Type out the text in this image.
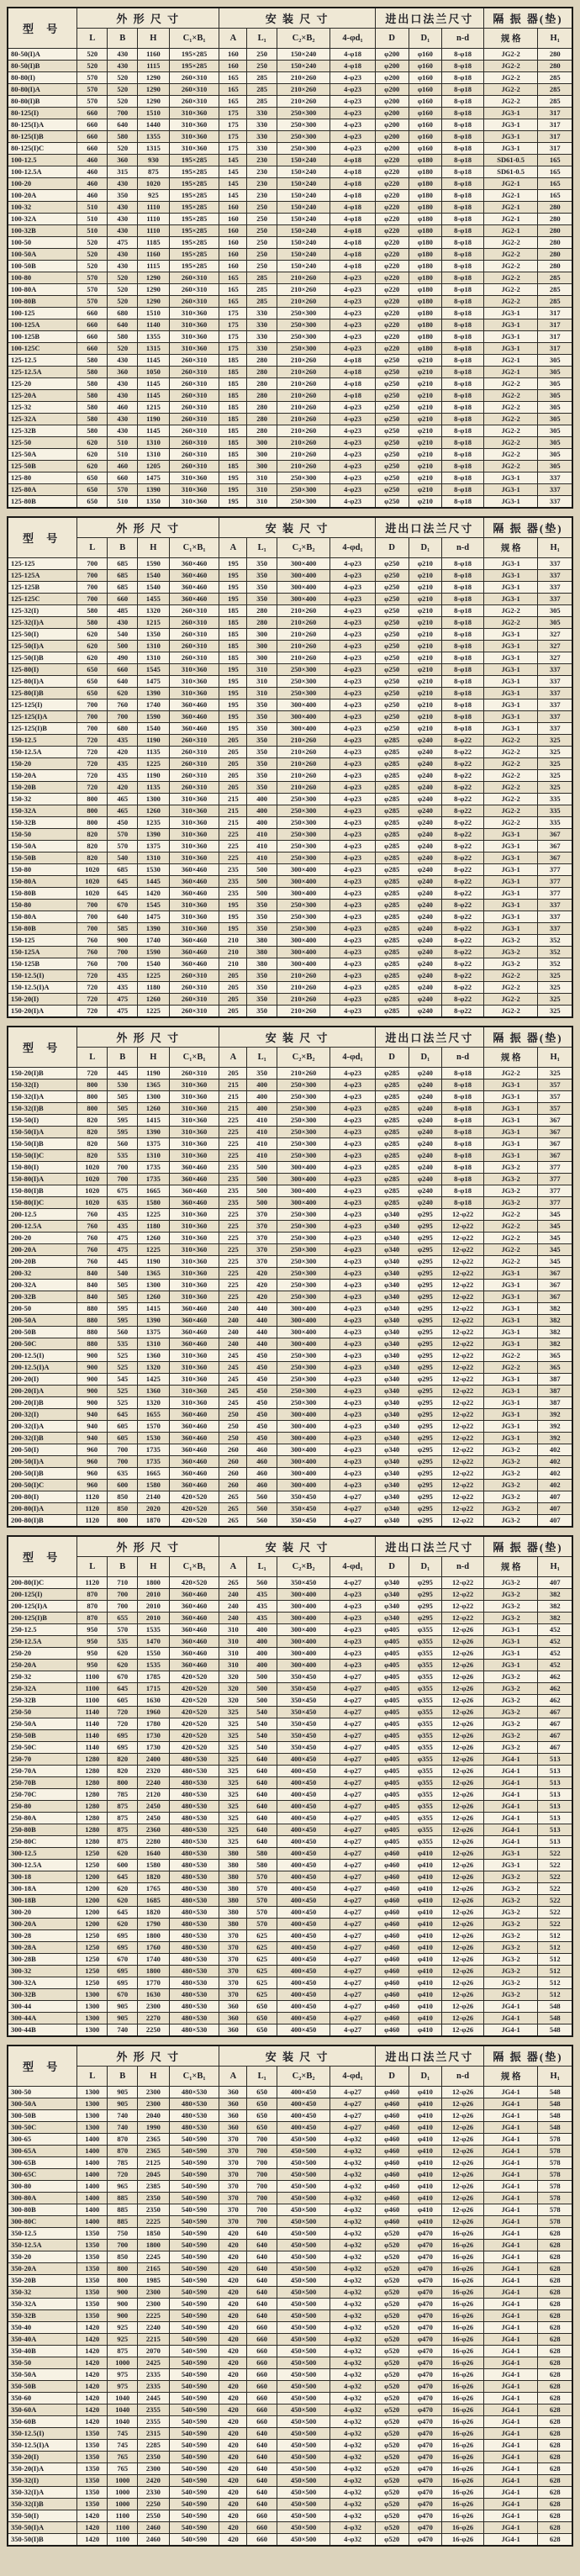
型 号	外 形 尺 寸				安 装 尺 寸				进出口法兰尺寸			隔 振 器(垫)	
	L	B	H	C₁×B₁	A	L₁	C₂×B₂	4-φd₁	D	D₁	n-d	规 格	H₁
80-50(I)A	520	430	1160	195×285	160	250	150×240	4-φ18	φ200	φ160	8-φ18	JG2-2	280
80-50(I)B	520	430	1115	195×285	160	250	150×240	4-φ18	φ200	φ160	8-φ18	JG2-2	280
80-80(I)	570	520	1290	260×310	165	285	210×260	4-φ23	φ200	φ160	8-φ18	JG2-2	285
80-80(I)A	570	520	1290	260×310	165	285	210×260	4-φ23	φ200	φ160	8-φ18	JG2-2	285
80-80(I)B	570	520	1290	260×310	165	285	210×260	4-φ23	φ200	φ160	8-φ18	JG2-2	285
80-125(I)	660	700	1510	310×360	175	330	250×300	4-φ23	φ200	φ160	8-φ18	JG3-1	317
80-125(I)A	660	640	1440	310×360	175	330	250×300	4-φ23	φ200	φ160	8-φ18	JG3-1	317
80-125(I)B	660	580	1355	310×360	175	330	250×300	4-φ23	φ200	φ160	8-φ18	JG3-1	317
80-125(I)C	660	520	1315	310×360	175	330	250×300	4-φ23	φ200	φ160	8-φ18	JG3-1	317
100-12.5	460	360	930	195×285	145	230	150×240	4-φ18	φ220	φ180	8-φ18	SD61-0.5	165
100-12.5A	460	315	875	195×285	145	230	150×240	4-φ18	φ220	φ180	8-φ18	SD61-0.5	165
100-20	460	430	1020	195×285	145	230	150×240	4-φ18	φ220	φ180	8-φ18	JG2-1	165
100-20A	460	350	925	195×285	145	230	150×240	4-φ18	φ220	φ180	8-φ18	JG2-1	165
100-32	510	430	1110	195×285	160	250	150×240	4-φ18	φ220	φ180	8-φ18	JG2-1	280
100-32A	510	430	1110	195×285	160	250	150×240	4-φ18	φ220	φ180	8-φ18	JG2-1	280
100-32B	510	430	1110	195×285	160	250	150×240	4-φ18	φ220	φ180	8-φ18	JG2-1	280
100-50	520	475	1185	195×285	160	250	150×240	4-φ18	φ220	φ180	8-φ18	JG2-2	280
100-50A	520	430	1160	195×285	160	250	150×240	4-φ18	φ220	φ180	8-φ18	JG2-2	280
100-50B	520	430	1115	195×285	160	250	150×240	4-φ18	φ220	φ180	8-φ18	JG2-2	280
100-80	570	520	1290	260×310	165	285	210×260	4-φ23	φ220	φ180	8-φ18	JG2-2	285
100-80A	570	520	1290	260×310	165	285	210×260	4-φ23	φ220	φ180	8-φ18	JG2-2	285
100-80B	570	520	1290	260×310	165	285	210×260	4-φ23	φ220	φ180	8-φ18	JG2-2	285
100-125	660	680	1510	310×360	175	330	250×300	4-φ23	φ220	φ180	8-φ18	JG3-1	317
100-125A	660	640	1140	310×360	175	330	250×300	4-φ23	φ220	φ180	8-φ18	JG3-1	317
100-125B	660	580	1355	310×360	175	330	250×300	4-φ23	φ220	φ180	8-φ18	JG3-1	317
100-125C	660	520	1315	310×360	175	330	250×300	4-φ23	φ220	φ180	8-φ18	JG3-1	317
125-12.5	580	430	1145	260×310	185	280	210×260	4-φ18	φ250	φ210	8-φ18	JG2-1	305
125-12.5A	580	360	1050	260×310	185	280	210×260	4-φ18	φ250	φ210	8-φ18	JG2-1	305
125-20	580	430	1145	260×310	185	280	210×260	4-φ18	φ250	φ210	8-φ18	JG2-2	305
125-20A	580	430	1145	260×310	185	280	210×260	4-φ18	φ250	φ210	8-φ18	JG2-2	305
125-32	580	460	1215	260×310	185	280	210×260	4-φ23	φ250	φ210	8-φ18	JG2-2	305
125-32A	580	430	1190	260×310	185	280	210×260	4-φ23	φ250	φ210	8-φ18	JG2-2	305
125-32B	580	430	1145	260×310	185	280	210×260	4-φ23	φ250	φ210	8-φ18	JG2-2	305
125-50	620	510	1310	260×310	185	300	210×260	4-φ23	φ250	φ210	8-φ18	JG2-2	305
125-50A	620	510	1310	260×310	185	300	210×260	4-φ23	φ250	φ210	8-φ18	JG2-2	305
125-50B	620	460	1205	260×310	185	300	210×260	4-φ23	φ250	φ210	8-φ18	JG2-2	305
125-80	650	660	1475	310×360	195	310	250×300	4-φ23	φ250	φ210	8-φ18	JG3-1	337
125-80A	650	570	1390	310×360	195	310	250×300	4-φ23	φ250	φ210	8-φ18	JG3-1	337
125-80B	650	510	1350	310×360	195	310	250×300	4-φ23	φ250	φ210	8-φ18	JG3-1	337
型 号	外 形 尺 寸				安 装 尺 寸				进出口法兰尺寸			隔 振 器(垫)	
	L	B	H	C₁×B₁	A	L₁	C₂×B₂	4-φd₁	D	D₁	n-d	规 格	H₁
125-125	700	685	1590	360×460	195	350	300×400	4-φ23	φ250	φ210	8-φ18	JG3-1	337
125-125A	700	685	1540	360×460	195	350	300×400	4-φ23	φ250	φ210	8-φ18	JG3-1	337
125-125B	700	685	1540	360×460	195	350	300×400	4-φ23	φ250	φ210	8-φ18	JG3-1	337
125-125C	700	660	1455	360×460	195	350	300×400	4-φ23	φ250	φ210	8-φ18	JG3-1	337
125-32(I)	580	485	1320	260×310	185	280	210×260	4-φ23	φ250	φ210	8-φ18	JG2-2	305
125-32(I)A	580	430	1215	260×310	185	280	210×260	4-φ23	φ250	φ210	8-φ18	JG2-2	305
125-50(I)	620	540	1350	260×310	185	300	210×260	4-φ23	φ250	φ210	8-φ18	JG3-1	327
125-50(I)A	620	500	1310	260×310	185	300	210×260	4-φ23	φ250	φ210	8-φ18	JG3-1	327
125-50(I)B	620	490	1310	260×310	185	300	210×260	4-φ23	φ250	φ210	8-φ18	JG3-1	327
125-80(I)	650	660	1545	310×360	195	310	250×300	4-φ23	φ250	φ210	8-φ18	JG3-1	337
125-80(I)A	650	640	1475	310×360	195	310	250×300	4-φ23	φ250	φ210	8-φ18	JG3-1	337
125-80(I)B	650	620	1390	310×360	195	310	250×300	4-φ23	φ250	φ210	8-φ18	JG3-1	337
125-125(I)	700	760	1740	360×460	195	350	300×400	4-φ23	φ250	φ210	8-φ18	JG3-1	337
125-125(I)A	700	700	1590	360×460	195	350	300×400	4-φ23	φ250	φ210	8-φ18	JG3-1	337
125-125(I)B	700	680	1540	360×460	195	350	300×400	4-φ23	φ250	φ210	8-φ18	JG3-1	337
150-12.5	720	435	1190	260×310	205	350	210×260	4-φ23	φ285	φ240	8-φ22	JG2-2	325
150-12.5A	720	420	1135	260×310	205	350	210×260	4-φ23	φ285	φ240	8-φ22	JG2-2	325
150-20	720	435	1225	260×310	205	350	210×260	4-φ23	φ285	φ240	8-φ22	JG2-2	325
150-20A	720	435	1190	260×310	205	350	210×260	4-φ23	φ285	φ240	8-φ22	JG2-2	325
150-20B	720	420	1135	260×310	205	350	210×260	4-φ23	φ285	φ240	8-φ22	JG2-2	325
150-32	800	465	1300	310×360	215	400	250×300	4-φ23	φ285	φ240	8-φ22	JG2-2	335
150-32A	800	465	1260	310×360	215	400	250×300	4-φ23	φ285	φ240	8-φ22	JG2-2	335
150-32B	800	450	1235	310×360	215	400	250×300	4-φ23	φ285	φ240	8-φ22	JG2-2	335
150-50	820	570	1390	310×360	225	410	250×300	4-φ23	φ285	φ240	8-φ22	JG3-1	367
150-50A	820	570	1375	310×360	225	410	250×300	4-φ23	φ285	φ240	8-φ22	JG3-1	367
150-50B	820	540	1310	310×360	225	410	250×300	4-φ23	φ285	φ240	8-φ22	JG3-1	367
150-80	1020	685	1530	360×460	235	500	300×400	4-φ23	φ285	φ240	8-φ22	JG3-1	377
150-80A	1020	645	1445	360×460	235	500	300×400	4-φ23	φ285	φ240	8-φ22	JG3-1	377
150-80B	1020	645	1420	360×460	235	500	300×400	4-φ23	φ285	φ240	8-φ22	JG3-1	377
150-80	700	670	1545	310×360	195	350	250×300	4-φ23	φ285	φ240	8-φ22	JG3-1	337
150-80A	700	640	1475	310×360	195	350	250×300	4-φ23	φ285	φ240	8-φ22	JG3-1	337
150-80B	700	585	1390	310×360	195	350	250×300	4-φ23	φ285	φ240	8-φ22	JG3-1	337
150-125	760	900	1740	360×460	210	380	300×400	4-φ23	φ285	φ240	8-φ22	JG3-2	352
150-125A	760	700	1590	360×460	210	380	300×400	4-φ23	φ285	φ240	8-φ22	JG3-2	352
150-125B	760	700	1540	360×460	210	380	300×400	4-φ23	φ285	φ240	8-φ22	JG3-2	352
150-12.5(I)	720	435	1225	260×310	205	350	210×260	4-φ23	φ285	φ240	8-φ22	JG2-2	325
150-12.5(I)A	720	435	1180	260×310	205	350	210×260	4-φ23	φ285	φ240	8-φ22	JG2-2	325
150-20(I)	720	475	1260	260×310	205	350	210×260	4-φ23	φ285	φ240	8-φ22	JG2-2	325
150-20(I)A	720	475	1225	260×310	205	350	210×260	4-φ23	φ285	φ240	8-φ22	JG2-2	325
型 号	外 形 尺 寸				安 装 尺 寸				进出口法兰尺寸			隔 振 器(垫)	
	L	B	H	C₁×B₁	A	L₁	C₂×B₂	4-φd₁	D	D₁	n-d	规 格	H₁
150-20(I)B	720	445	1190	260×310	205	350	210×260	4-φ23	φ285	φ240	8-φ18	JG2-2	325
150-32(I)	800	530	1365	310×360	215	400	250×300	4-φ23	φ285	φ240	8-φ18	JG3-1	357
150-32(I)A	800	505	1300	310×360	215	400	250×300	4-φ23	φ285	φ240	8-φ18	JG3-1	357
150-32(I)B	800	505	1260	310×360	215	400	250×300	4-φ23	φ285	φ240	8-φ18	JG3-1	357
150-50(I)	820	595	1415	310×360	225	410	250×300	4-φ23	φ285	φ240	8-φ18	JG3-1	367
150-50(I)A	820	595	1390	310×360	225	410	250×300	4-φ23	φ285	φ240	8-φ18	JG3-1	367
150-50(I)B	820	560	1375	310×360	225	410	250×300	4-φ23	φ285	φ240	8-φ18	JG3-1	367
150-50(I)C	820	535	1310	310×360	225	410	250×300	4-φ23	φ285	φ240	8-φ18	JG3-1	367
150-80(I)	1020	700	1735	360×460	235	500	300×400	4-φ23	φ285	φ240	8-φ18	JG3-2	377
150-80(I)A	1020	700	1735	360×460	235	500	300×400	4-φ23	φ285	φ240	8-φ18	JG3-2	377
150-80(I)B	1020	675	1665	360×460	235	500	300×400	4-φ23	φ285	φ240	8-φ18	JG3-2	377
150-80(I)C	1020	635	1580	360×460	235	500	300×400	4-φ23	φ285	φ240	8-φ18	JG3-2	377
200-12.5	760	435	1225	310×360	225	370	250×300	4-φ23	φ340	φ295	12-φ22	JG2-2	345
200-12.5A	760	435	1180	310×360	225	370	250×300	4-φ23	φ340	φ295	12-φ22	JG2-2	345
200-20	760	475	1260	310×360	225	370	250×300	4-φ23	φ340	φ295	12-φ22	JG2-2	345
200-20A	760	475	1225	310×360	225	370	250×300	4-φ23	φ340	φ295	12-φ22	JG2-2	345
200-20B	760	445	1190	310×360	225	370	250×300	4-φ23	φ340	φ295	12-φ22	JG2-2	345
200-32	840	540	1365	310×360	225	420	250×300	4-φ23	φ340	φ295	12-φ22	JG3-1	367
200-32A	840	505	1300	310×360	225	420	250×300	4-φ23	φ340	φ295	12-φ22	JG3-1	367
200-32B	840	505	1260	310×360	225	420	250×300	4-φ23	φ340	φ295	12-φ22	JG3-1	367
200-50	880	595	1415	360×460	240	440	300×400	4-φ23	φ340	φ295	12-φ22	JG3-1	382
200-50A	880	595	1390	360×460	240	440	300×400	4-φ23	φ340	φ295	12-φ22	JG3-1	382
200-50B	880	560	1375	360×460	240	440	300×400	4-φ23	φ340	φ295	12-φ22	JG3-1	382
200-50C	880	535	1310	360×460	240	440	300×400	4-φ23	φ340	φ295	12-φ22	JG3-1	382
200-12.5(I)	900	525	1360	310×360	245	450	250×300	4-φ23	φ340	φ295	12-φ22	JG2-2	365
200-12.5(I)A	900	525	1320	310×360	245	450	250×300	4-φ23	φ340	φ295	12-φ22	JG2-2	365
200-20(I)	900	545	1425	310×360	245	450	250×300	4-φ23	φ340	φ295	12-φ22	JG3-1	387
200-20(I)A	900	525	1360	310×360	245	450	250×300	4-φ23	φ340	φ295	12-φ22	JG3-1	387
200-20(I)B	900	525	1320	310×360	245	450	250×300	4-φ23	φ340	φ295	12-φ22	JG3-1	387
200-32(I)	940	645	1655	360×460	250	450	300×400	4-φ23	φ340	φ295	12-φ22	JG3-1	392
200-32(I)A	940	605	1570	360×460	250	450	300×400	4-φ23	φ340	φ295	12-φ22	JG3-1	392
200-32(I)B	940	605	1530	360×460	250	450	300×400	4-φ23	φ340	φ295	12-φ22	JG3-1	392
200-50(I)	960	700	1735	360×460	260	460	300×400	4-φ23	φ340	φ295	12-φ22	JG3-2	402
200-50(I)A	960	700	1735	360×460	260	460	300×400	4-φ23	φ340	φ295	12-φ22	JG3-2	402
200-50(I)B	960	635	1665	360×460	260	460	300×400	4-φ23	φ340	φ295	12-φ22	JG3-2	402
200-50(I)C	960	600	1580	360×460	260	460	300×400	4-φ23	φ340	φ295	12-φ22	JG3-2	402
200-80(I)	1120	850	2140	420×520	265	560	350×450	4-φ27	φ340	φ295	12-φ22	JG3-2	407
200-80(I)A	1120	850	2020	420×520	265	560	350×450	4-φ27	φ340	φ295	12-φ22	JG3-2	407
200-80(I)B	1120	800	1870	420×520	265	560	350×450	4-φ27	φ340	φ295	12-φ22	JG3-2	407
型 号	外 形 尺 寸				安 装 尺 寸				进出口法兰尺寸			隔 振 器(垫)	
	L	B	H	C₁×B₁	A	L₁	C₂×B₂	4-φd₁	D	D₁	n-d	规 格	H₁
200-80(I)C	1120	710	1800	420×520	265	560	350×450	4-φ27	φ340	φ295	12-φ22	JG3-2	407
200-125(I)	870	700	2010	360×460	240	435	300×400	4-φ23	φ340	φ295	12-φ22	JG3-2	382
200-125(I)A	870	700	2010	360×460	240	435	300×400	4-φ23	φ340	φ295	12-φ22	JG3-2	382
200-125(I)B	870	655	2010	360×460	240	435	300×400	4-φ23	φ340	φ295	12-φ22	JG3-2	382
250-12.5	950	570	1535	360×460	310	400	300×400	4-φ23	φ405	φ355	12-φ26	JG3-1	452
250-12.5A	950	535	1470	360×460	310	400	300×400	4-φ23	φ405	φ355	12-φ26	JG3-1	452
250-20	950	620	1550	360×460	310	400	300×400	4-φ23	φ405	φ355	12-φ26	JG3-1	452
250-20A	950	620	1535	360×460	310	400	300×400	4-φ23	φ405	φ355	12-φ26	JG3-1	452
250-32	1100	670	1785	420×520	320	500	350×450	4-φ27	φ405	φ355	12-φ26	JG3-2	462
250-32A	1100	645	1715	420×520	320	500	350×450	4-φ27	φ405	φ355	12-φ26	JG3-2	462
250-32B	1100	605	1630	420×520	320	500	350×450	4-φ27	φ405	φ355	12-φ26	JG3-2	462
250-50	1140	720	1960	420×520	325	540	350×450	4-φ27	φ405	φ355	12-φ26	JG3-2	467
250-50A	1140	720	1780	420×520	325	540	350×450	4-φ27	φ405	φ355	12-φ26	JG3-2	467
250-50B	1140	695	1730	420×520	325	540	350×450	4-φ27	φ405	φ355	12-φ26	JG3-2	467
250-50C	1140	695	1730	420×520	325	540	350×450	4-φ27	φ405	φ355	12-φ26	JG3-2	467
250-70	1280	820	2400	480×530	325	640	400×450	4-φ27	φ405	φ355	12-φ26	JG4-1	513
250-70A	1280	820	2320	480×530	325	640	400×450	4-φ27	φ405	φ355	12-φ26	JG4-1	513
250-70B	1280	800	2240	480×530	325	640	400×450	4-φ27	φ405	φ355	12-φ26	JG4-1	513
250-70C	1280	785	2120	480×530	325	640	400×450	4-φ27	φ405	φ355	12-φ26	JG4-1	513
250-80	1280	875	2450	480×530	325	640	400×450	4-φ27	φ405	φ355	12-φ26	JG4-1	513
250-80A	1280	875	2450	480×530	325	640	400×450	4-φ27	φ405	φ355	12-φ26	JG4-1	513
250-80B	1280	875	2360	480×530	325	640	400×450	4-φ27	φ405	φ355	12-φ26	JG4-1	513
250-80C	1280	875	2280	480×530	325	640	400×450	4-φ27	φ405	φ355	12-φ26	JG4-1	513
300-12.5	1250	620	1640	480×530	380	580	400×450	4-φ27	φ460	φ410	12-φ26	JG3-1	522
300-12.5A	1250	600	1580	480×530	380	580	400×450	4-φ27	φ460	φ410	12-φ26	JG3-1	522
300-18	1200	645	1820	480×530	380	570	400×450	4-φ27	φ460	φ410	12-φ26	JG3-2	522
300-18A	1200	620	1765	480×530	380	570	400×450	4-φ27	φ460	φ410	12-φ26	JG3-2	522
300-18B	1200	620	1685	480×530	380	570	400×450	4-φ27	φ460	φ410	12-φ26	JG3-2	522
300-20	1200	645	1820	480×530	380	570	400×450	4-φ27	φ460	φ410	12-φ26	JG3-2	522
300-20A	1200	620	1790	480×530	380	570	400×450	4-φ27	φ460	φ410	12-φ26	JG3-2	522
300-28	1250	695	1800	480×530	370	625	400×450	4-φ27	φ460	φ410	12-φ26	JG3-2	512
300-28A	1250	695	1760	480×530	370	625	400×450	4-φ27	φ460	φ410	12-φ26	JG3-2	512
300-28B	1250	670	1740	480×530	370	625	400×450	4-φ27	φ460	φ410	12-φ26	JG3-2	512
300-32	1250	695	1800	480×530	370	625	400×450	4-φ27	φ460	φ410	12-φ26	JG3-2	512
300-32A	1250	695	1770	480×530	370	625	400×450	4-φ27	φ460	φ410	12-φ26	JG3-2	512
300-32B	1300	670	1630	480×530	370	625	400×450	4-φ27	φ460	φ410	12-φ26	JG3-2	512
300-44	1300	905	2300	480×530	360	650	400×450	4-φ27	φ460	φ410	12-φ26	JG4-1	548
300-44A	1300	905	2270	480×530	360	650	400×450	4-φ27	φ460	φ410	12-φ26	JG4-1	548
300-44B	1300	740	2250	480×530	360	650	400×450	4-φ27	φ460	φ410	12-φ26	JG4-1	548
型 号	外 形 尺 寸				安 装 尺 寸				进出口法兰尺寸			隔 振 器(垫)	
	L	B	H	C₁×B₁	A	L₁	C₂×B₂	4-φd₁	D	D₁	n-d	规 格	H₁
300-50	1300	905	2300	480×530	360	650	400×450	4-φ27	φ460	φ410	12-φ26	JG4-1	548
300-50A	1300	905	2300	480×530	360	650	400×450	4-φ27	φ460	φ410	12-φ26	JG4-1	548
300-50B	1300	740	2040	480×530	360	650	400×450	4-φ27	φ460	φ410	12-φ26	JG4-1	548
300-50C	1300	740	1990	480×530	360	650	400×450	4-φ27	φ460	φ410	12-φ26	JG4-1	548
300-65	1400	870	2365	540×590	370	700	450×500	4-φ32	φ460	φ410	12-φ26	JG4-1	578
300-65A	1400	870	2365	540×590	370	700	450×500	4-φ32	φ460	φ410	12-φ26	JG4-1	578
300-65B	1400	785	2125	540×590	370	700	450×500	4-φ32	φ460	φ410	12-φ26	JG4-1	578
300-65C	1400	720	2045	540×590	370	700	450×500	4-φ32	φ460	φ410	12-φ26	JG4-1	578
300-80	1400	965	2385	540×590	370	700	450×500	4-φ32	φ460	φ410	12-φ26	JG4-1	578
300-80A	1400	885	2350	540×590	370	700	450×500	4-φ32	φ460	φ410	12-φ26	JG4-1	578
300-80B	1400	885	2350	540×590	370	700	450×500	4-φ32	φ460	φ410	12-φ26	JG4-1	578
300-80C	1400	885	2225	540×590	370	700	450×500	4-φ32	φ460	φ410	12-φ26	JG4-1	578
350-12.5	1350	750	1850	540×590	420	640	450×500	4-φ32	φ520	φ470	16-φ26	JG4-1	628
350-12.5A	1350	700	1800	540×590	420	640	450×500	4-φ32	φ520	φ470	16-φ26	JG4-1	628
350-20	1350	850	2245	540×590	420	640	450×500	4-φ32	φ520	φ470	16-φ26	JG4-1	628
350-20A	1350	800	2165	540×590	420	640	450×500	4-φ32	φ520	φ470	16-φ26	JG4-1	628
350-20B	1350	800	1985	540×590	420	640	450×500	4-φ32	φ520	φ470	16-φ26	JG4-1	628
350-32	1350	900	2300	540×590	420	640	450×500	4-φ32	φ520	φ470	16-φ26	JG4-1	628
350-32A	1350	900	2300	540×590	420	640	450×500	4-φ32	φ520	φ470	16-φ26	JG4-1	628
350-32B	1350	900	2225	540×590	420	640	450×500	4-φ32	φ520	φ470	16-φ26	JG4-1	628
350-40	1420	925	2240	540×590	420	660	450×500	4-φ32	φ520	φ470	16-φ26	JG4-1	628
350-40A	1420	925	2215	540×590	420	660	450×500	4-φ32	φ520	φ470	16-φ26	JG4-1	628
350-40B	1420	875	2070	540×590	420	660	450×500	4-φ32	φ520	φ470	16-φ26	JG4-1	628
350-50	1420	1000	2425	540×590	420	660	450×500	4-φ32	φ520	φ470	16-φ26	JG4-1	628
350-50A	1420	975	2335	540×590	420	660	450×500	4-φ32	φ520	φ470	16-φ26	JG4-1	628
350-50B	1420	975	2335	540×590	420	660	450×500	4-φ32	φ520	φ470	16-φ26	JG4-1	628
350-60	1420	1040	2445	540×590	420	660	450×500	4-φ32	φ520	φ470	16-φ26	JG4-1	628
350-60A	1420	1040	2355	540×590	420	660	450×500	4-φ32	φ520	φ470	16-φ26	JG4-1	628
350-60B	1420	1040	2355	540×590	420	660	450×500	4-φ32	φ520	φ470	16-φ26	JG4-1	628
350-12.5(I)	1350	745	2315	540×590	420	640	450×500	4-φ32	φ520	φ470	16-φ26	JG4-1	628
350-12.5(I)A	1350	745	2285	540×590	420	640	450×500	4-φ32	φ520	φ470	16-φ26	JG4-1	628
350-20(I)	1350	765	2350	540×590	420	640	450×500	4-φ32	φ520	φ470	16-φ26	JG4-1	628
350-20(I)A	1350	765	2300	540×590	420	640	450×500	4-φ32	φ520	φ470	16-φ26	JG4-1	628
350-32(I)	1350	1000	2420	540×590	420	640	450×500	4-φ32	φ520	φ470	16-φ26	JG4-1	628
350-32(I)A	1350	1000	2330	540×590	420	640	450×500	4-φ32	φ520	φ470	16-φ26	JG4-1	628
350-32(I)B	1350	1000	2250	540×590	420	640	450×500	4-φ32	φ520	φ470	16-φ26	JG4-1	628
350-50(I)	1420	1100	2550	540×590	420	660	450×500	4-φ32	φ520	φ470	16-φ26	JG4-1	628
350-50(I)A	1420	1100	2460	540×590	420	660	450×500	4-φ32	φ520	φ470	16-φ26	JG4-1	628
350-50(I)B	1420	1100	2460	540×590	420	660	450×500	4-φ32	φ520	φ470	16-φ26	JG4-1	628
